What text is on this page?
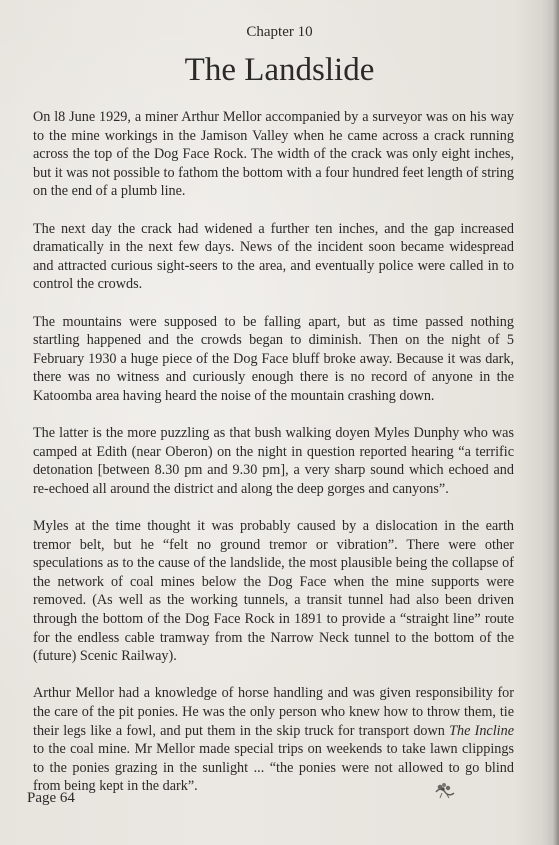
Chapter 10
The Landslide

On l8 June 1929, a miner Arthur Mellor accompanied by a surveyor was on his way to the mine workings in the Jamison Valley when he came across a crack running across the top of the Dog Face Rock. The width of the crack was only eight inches, but it was not possible to fathom the bottom with a four hundred feet length of string on the end of a plumb line.

The next day the crack had widened a further ten inches, and the gap increased dramatically in the next few days. News of the incident soon became widespread and attracted curious sight-seers to the area, and eventually police were called in to control the crowds.

The mountains were supposed to be falling apart, but as time passed nothing startling happened and the crowds began to diminish. Then on the night of 5 February 1930 a huge piece of the Dog Face bluff broke away. Because it was dark, there was no witness and curiously enough there is no record of anyone in the Katoomba area having heard the noise of the mountain crashing down.

The latter is the more puzzling as that bush walking doyen Myles Dunphy who was camped at Edith (near Oberon) on the night in question reported hearing “a terrific detonation [between 8.30 pm and 9.30 pm], a very sharp sound which echoed and re-echoed all around the district and along the deep gorges and canyons”.

Myles at the time thought it was probably caused by a dislocation in the earth tremor belt, but he “felt no ground tremor or vibration”. There were other speculations as to the cause of the landslide, the most plausible being the collapse of the network of coal mines below the Dog Face when the mine supports were removed. (As well as the working tunnels, a transit tunnel had also been driven through the bottom of the Dog Face Rock in 1891 to provide a “straight line” route for the endless cable tramway from the Narrow Neck tunnel to the bottom of the (future) Scenic Railway).

Arthur Mellor had a knowledge of horse handling and was given responsibility for the care of the pit ponies. He was the only person who knew how to throw them, tie their legs like a fowl, and put them in the skip truck for transport down The Incline to the coal mine. Mr Mellor made special trips on weekends to take lawn clippings to the ponies grazing in the sunlight ... “the ponies were not allowed to go blind from being kept in the dark”.

Page 64
